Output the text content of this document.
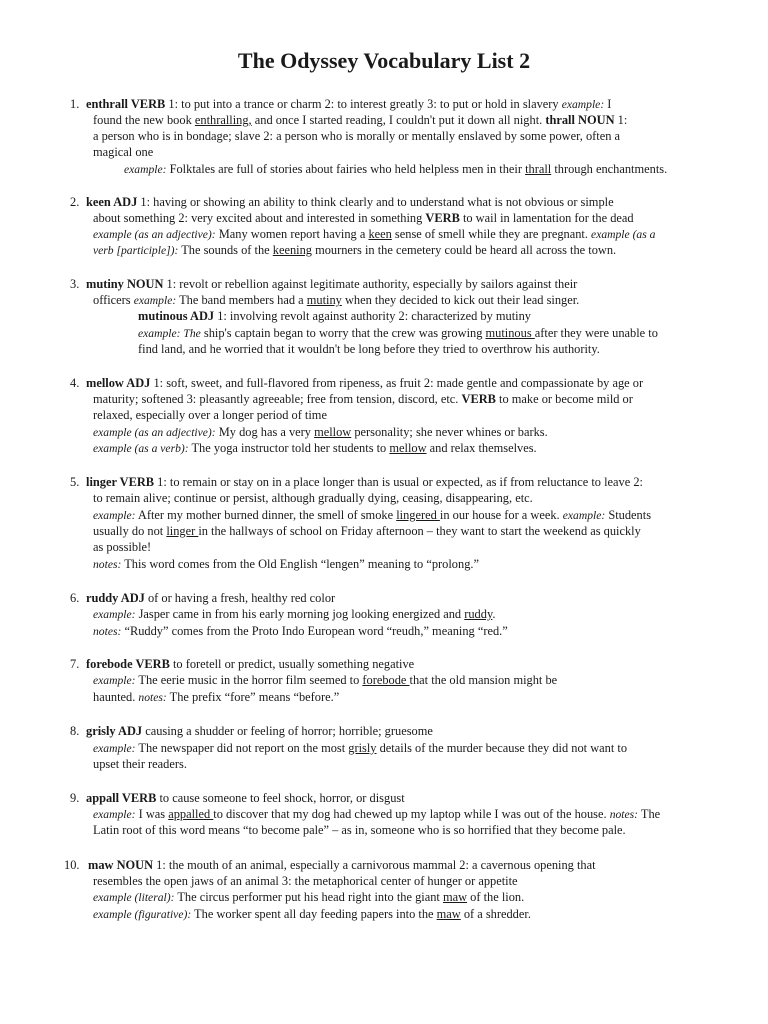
The Odyssey Vocabulary List 2
1. enthrall VERB 1: to put into a trance or charm 2: to interest greatly 3: to put or hold in slavery example: I
found the new book enthralling, and once I started reading, I couldn't put it down all night. thrall NOUN 1:
a person who is in bondage; slave 2: a person who is morally or mentally enslaved by some power, often a
magical one
example: Folktales are full of stories about fairies who held helpless men in their thrall through enchantments.
2. keen ADJ 1: having or showing an ability to think clearly and to understand what is not obvious or simple
about something 2: very excited about and interested in something VERB to wail in lamentation for the dead
example (as an adjective): Many women report having a keen sense of smell while they are pregnant. example (as a
verb [participle]): The sounds of the keening mourners in the cemetery could be heard all across the town.
3. mutiny NOUN 1: revolt or rebellion against legitimate authority, especially by sailors against their
officers example: The band members had a mutiny when they decided to kick out their lead singer.
mutinous ADJ 1: involving revolt against authority 2: characterized by mutiny
example: The ship's captain began to worry that the crew was growing mutinous after they were unable to
find land, and he worried that it wouldn't be long before they tried to overthrow his authority.
4. mellow ADJ 1: soft, sweet, and full-flavored from ripeness, as fruit 2: made gentle and compassionate by age or
maturity; softened 3: pleasantly agreeable; free from tension, discord, etc. VERB to make or become mild or
relaxed, especially over a longer period of time
example (as an adjective): My dog has a very mellow personality; she never whines or barks.
example (as a verb): The yoga instructor told her students to mellow and relax themselves.
5. linger VERB 1: to remain or stay on in a place longer than is usual or expected, as if from reluctance to leave 2:
to remain alive; continue or persist, although gradually dying, ceasing, disappearing, etc.
example: After my mother burned dinner, the smell of smoke lingered in our house for a week. example: Students
usually do not linger in the hallways of school on Friday afternoon – they want to start the weekend as quickly
as possible!
notes: This word comes from the Old English “lengen” meaning to “prolong.”
6. ruddy ADJ of or having a fresh, healthy red color
example: Jasper came in from his early morning jog looking energized and ruddy.
notes: “Ruddy” comes from the Proto Indo European word “reudh,” meaning “red.”
7. forebode VERB to foretell or predict, usually something negative
example: The eerie music in the horror film seemed to forebode that the old mansion might be
haunted. notes: The prefix “fore” means “before.”
8. grisly ADJ causing a shudder or feeling of horror; horrible; gruesome
example: The newspaper did not report on the most grisly details of the murder because they did not want to
upset their readers.
9. appall VERB to cause someone to feel shock, horror, or disgust
example: I was appalled to discover that my dog had chewed up my laptop while I was out of the house. notes: The
Latin root of this word means “to become pale” – as in, someone who is so horrified that they become pale.
10. maw NOUN 1: the mouth of an animal, especially a carnivorous mammal 2: a cavernous opening that
resembles the open jaws of an animal 3: the metaphorical center of hunger or appetite
example (literal): The circus performer put his head right into the giant maw of the lion.
example (figurative): The worker spent all day feeding papers into the maw of a shredder.
